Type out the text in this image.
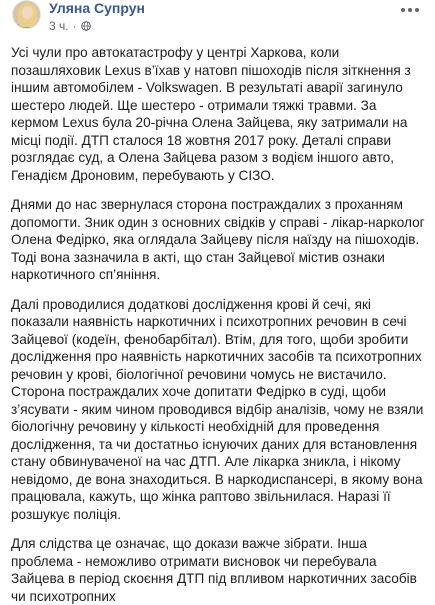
Уляна Супрун
3 ч. ·

Усі чули про автокатастрофу у центрі Харкова, коли позашляховик Lexus в’їхав у натовп пішоходів після зіткнення з іншим автомобілем - Volkswagen. В результаті аварії загинуло шестеро людей. Ще шестеро - отримали тяжкі травми. За кермом Lexus була 20-річна Олена Зайцева, яку затримали на місці події. ДТП сталося 18 жовтня 2017 року. Деталі справи розглядає суд, а Олена Зайцева разом з водієм іншого авто, Генадієм Дроновим, перебувають у СІЗО.

Днями до нас звернулася сторона постраждалих з проханням допомогти. Зник один з основних свідків у справі - лікар-нарколог Олена Федірко, яка оглядала Зайцеву після наїзду на пішоходів. Тоді вона зазначила в акті, що стан Зайцевої містив ознаки наркотичного сп’яніння.

Далі проводилися додаткові дослідження крові й сечі, які показали наявність наркотичних і психотропних речовин в сечі Зайцевої (кодеїн, фенобарбітал). Втім, для того, щоби зробити дослідження про наявність наркотичних засобів та психотропних речовин у крові, біологічної речовини чомусь не вистачило. Сторона постраждалих хоче допитати Федірко в суді, щоби з’ясувати - яким чином проводився відбір аналізів, чому не взяли біологічну речовину у кількості необхідній для проведення дослідження, та чи достатньо існуючих даних для встановлення стану обвинуваченої на час ДТП. Але лікарка зникла, і нікому невідомо, де вона знаходиться. В наркодиспансері, в якому вона працювала, кажуть, що жінка раптово звільнилася. Наразі її розшукує поліція.

Для слідства це означає, що докази важче зібрати. Інша проблема - неможливо отримати висновок чи перебувала Зайцева в період скоєння ДТП під впливом наркотичних засобів чи психотропних
